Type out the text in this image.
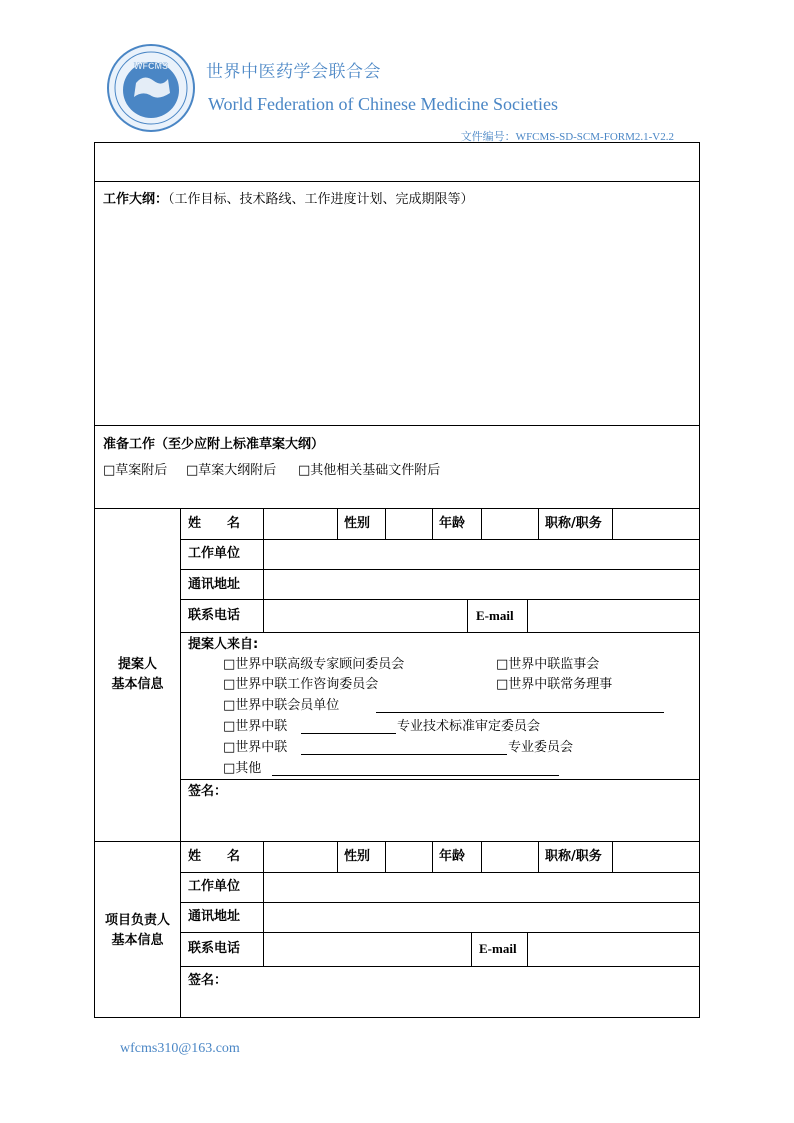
WFCMS 世界中医药学会联合会
World Federation of Chinese Medicine Societies
文件编号：WFCMS-SD-SCM-FORM2.1-V2.2
工作大纲：（工作目标、技术路线、工作进度计划、完成期限等）
准备工作（至少应附上标准草案大纲）
□草案附后 □草案大纲附后 □其他相关基础文件附后
提案人
基本信息
姓　　名	性别	年龄	职称/职务
工作单位
通讯地址
联系电话	E-mail
提案人来自:
□世界中联高级专家顾问委员会	□世界中联监事会
□世界中联工作咨询委员会	□世界中联常务理事
□世界中联会员单位
□世界中联	专业技术标准审定委员会
□世界中联	专业委员会
□其他
签名：
项目负责人
基本信息
姓　　名	性别	年龄	职称/职务
工作单位
通讯地址
联系电话	E-mail
签名：
wfcms310@163.com
